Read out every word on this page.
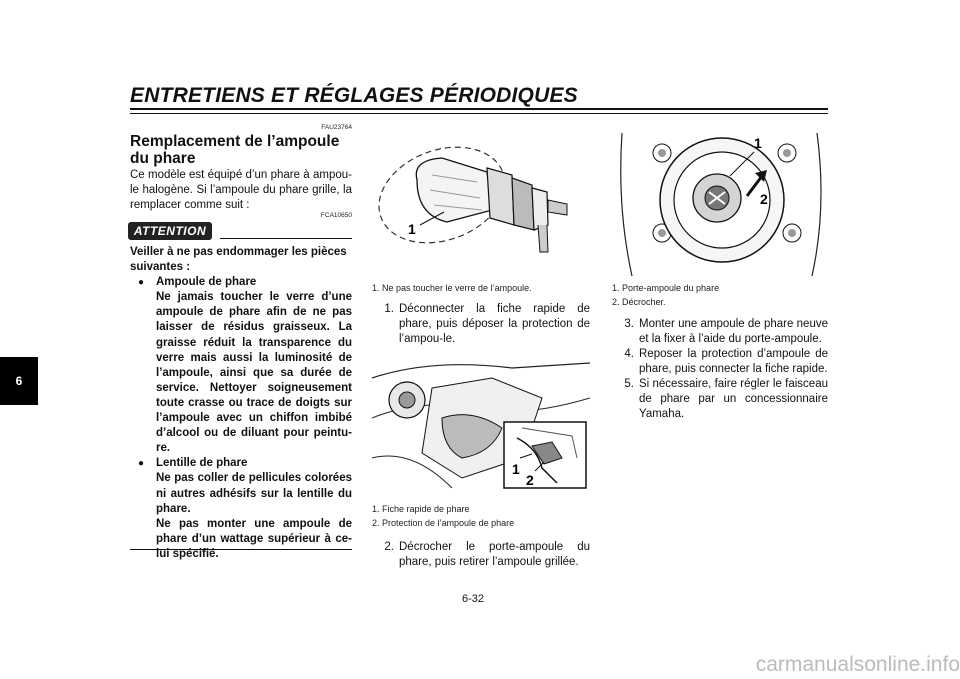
ENTRETIENS ET RÉGLAGES PÉRIODIQUES
6
FAU23764
Remplacement de l’ampoule du phare
Ce modèle est équipé d’un phare à ampou-le halogène. Si l’ampoule du phare grille, la remplacer comme suit :
FCA10650
ATTENTION
Veiller à ne pas endommager les pièces suivantes :
●	Ampoule de phare
Ne jamais toucher le verre d’une ampoule de phare afin de ne pas laisser de résidus graisseux. La graisse réduit la transparence du verre mais aussi la luminosité de l’ampoule, ainsi que sa durée de service. Nettoyer soigneusement toute crasse ou trace de doigts sur l’ampoule avec un chiffon imbibé d’alcool ou de diluant pour peintu-re.
●	Lentille de phare
Ne pas coller de pellicules colorées ni autres adhésifs sur la lentille du phare.
Ne pas monter une ampoule de phare d’un wattage supérieur à ce-lui spécifié.
1
1. Ne pas toucher le verre de l’ampoule.
1. Déconnecter la fiche rapide de phare, puis déposer la protection de l’ampou-le.
1
2
1. Fiche rapide de phare
2. Protection de l’ampoule de phare
2. Décrocher le porte-ampoule du phare, puis retirer l’ampoule grillée.
1
2
1. Porte-ampoule du phare
2. Décrocher.
3. Monter une ampoule de phare neuve et la fixer à l’aide du porte-ampoule.
4. Reposer la protection d’ampoule de phare, puis connecter la fiche rapide.
5. Si nécessaire, faire régler le faisceau de phare par un concessionnaire Yamaha.
6-32
carmanualsonline.info
